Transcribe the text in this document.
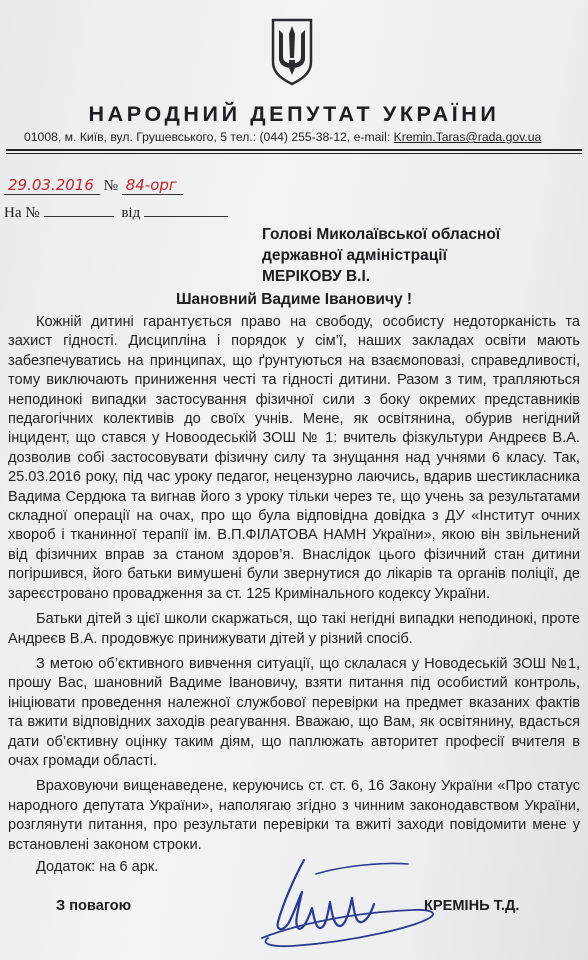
НАРОДНИЙ ДЕПУТАТ УКРАЇНИ
01008, м. Київ, вул. Грушевського, 5 тел.: (044) 255-38-12, e-mail: Kremin.Taras@rada.gov.ua
29.03.2016 № 84-орг
На №	від
Голові Миколаївської обласної
державної адміністрації
МЕРІКОВУ В.І.
Шановний Вадиме Івановичу !

Кожній дитині гарантується право на свободу, особисту недоторканість та захист гідності. Дисципліна і порядок у сім’ї, наших закладах освіти мають забезпечуватись на принципах, що ґрунтуються на взаємоповазі, справедливості, тому виключають приниження честі та гідності дитини. Разом з тим, трапляються неподинокі випадки застосування фізичної сили з боку окремих представників педагогічних колективів до своїх учнів. Мене, як освітянина, обурив негідний інцидент, що стався у Новоодеській ЗОШ № 1: вчитель фізкультури Андреєв В.А. дозволив собі застосовувати фізичну силу та знущання над учнями 6 класу. Так, 25.03.2016 року, під час уроку педагог, нецензурно лаючись, вдарив шестикласника Вадима Сердюка та вигнав його з уроку тільки через те, що учень за результатами складної операції на очах, про що була відповідна довідка з ДУ «Інститут очних хвороб і тканинної терапії ім. В.П.ФІЛАТОВА НАМН України», якою він звільнений від фізичних вправ за станом здоров’я. Внаслідок цього фізичний стан дитини погіршився, його батьки вимушені були звернутися до лікарів та органів поліції, де зареєстровано провадження за ст. 125 Кримінального кодексу України.

Батьки дітей з цієї школи скаржаться, що такі негідні випадки неподинокі, проте Андреєв В.А. продовжує принижувати дітей у різний спосіб.

З метою об’єктивного вивчення ситуації, що склалася у Новодеській ЗОШ №1, прошу Вас, шановний Вадиме Івановичу, взяти питання під особистий контроль, ініціювати проведення належної службової перевірки на предмет вказаних фактів та вжити відповідних заходів реагування. Вважаю, що Вам, як освітянину, вдасться дати об’єктивну оцінку таким діям, що паплюжать авторитет професії вчителя в очах громади області.

Враховуючи вищенаведене, керуючись ст. ст. 6, 16 Закону України «Про статус народного депутата України», наполягаю згідно з чинним законодавством України, розглянути питання, про результати перевірки та вжиті заходи повідомити мене у встановлені законом строки.

Додаток: на 6 арк.

З повагою	КРЕМІНЬ Т.Д.
